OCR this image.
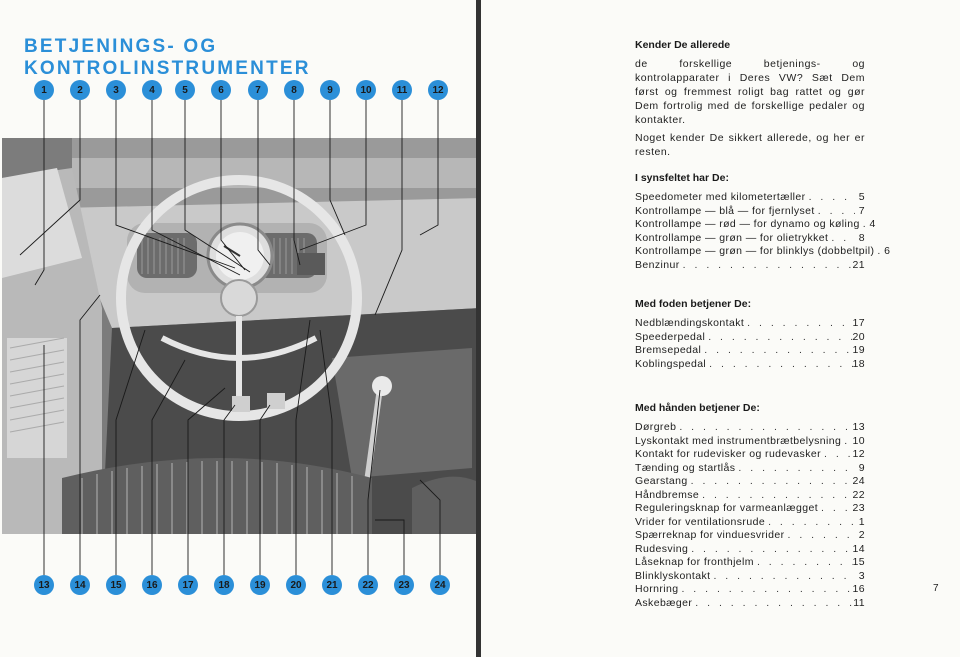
BETJENINGS- OG KONTROLINSTRUMENTER
1	2	3	4	5	6	7	8	9	10	11	12
13	14	15	16	17	18	19	20	21	22	23	24
Kender De allerede
de forskellige betjenings- og kontrolapparater i Deres VW? Sæt Dem først og fremmest roligt bag rattet og gør Dem fortrolig med de forskellige pedaler og kontakter.
Noget kender De sikkert allerede, og her er resten.
I synsfeltet har De:
Speedometer med kilometertæller . . .	5
Kontrollampe — blå — for fjernlyset . . .	7
Kontrollampe — rød — for dynamo og køling . . . 4
Kontrollampe — grøn — for olietrykket . . .	8
Kontrollampe — grøn — for blinklys (dobbeltpil) . . . 6
Benzinur . . .	21
Med foden betjener De:
Nedblændingskontakt . . .	17
Speederpedal . . .	20
Bremsepedal . . .	19
Koblingspedal . . .	18
Med hånden betjener De:
Dørgreb . . .	13
Lyskontakt med instrumentbrætbelysning . . . 10
Kontakt for rudevisker og rudevasker . . .	12
Tænding og startlås . . .	9
Gearstang . . .	24
Håndbremse . . .	22
Reguleringsknap for varmeanlægget . . .	23
Vrider for ventilationsrude . . .	1
Spærreknap for vinduesvrider . . .	2
Rudesving . . .	14
Låseknap for fronthjelm . . .	15
Blinklyskontakt . . .	3
Hornring . . .	16
Askebæger . . .	11
7
